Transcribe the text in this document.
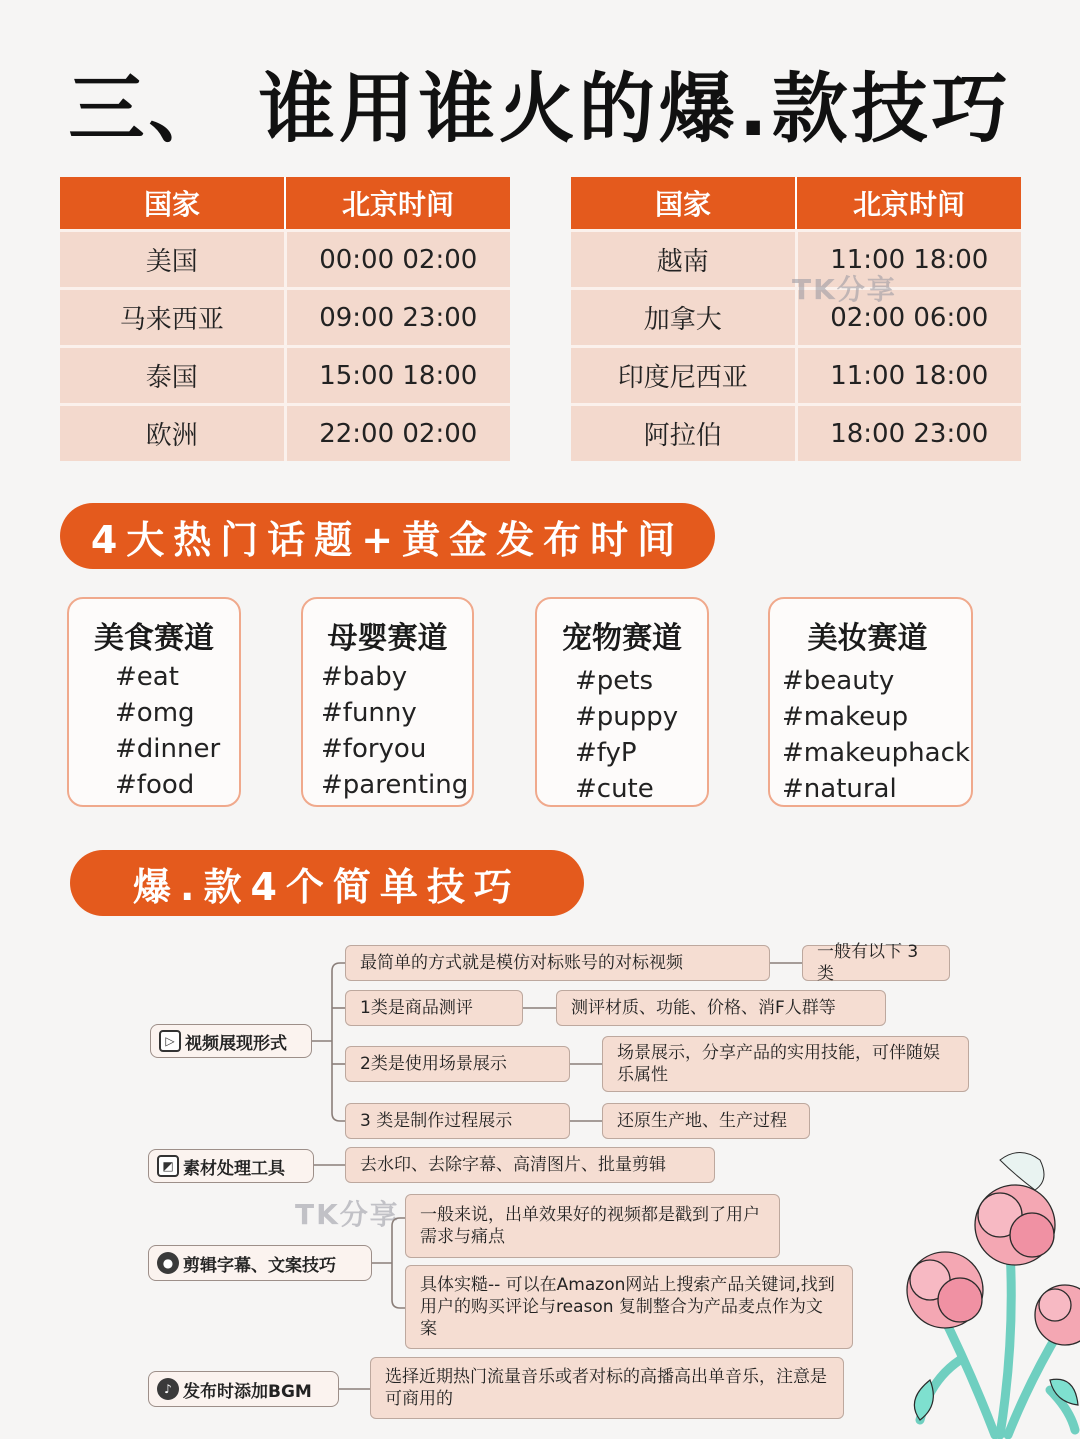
三、 谁用谁火的爆.款技巧
国家	北京时间
美国	00:00 02:00
马来西亚	09:00 23:00
泰国	15:00 18:00
欧洲	22:00 02:00
国家	北京时间
越南	11:00 18:00
加拿大	02:00 06:00
印度尼西亚	11:00 18:00
阿拉伯	18:00 23:00
TK分享
TK分享
4大热门话题+黄金发布时间
美食赛道
#eat
#omg
#dinner
#food
母婴赛道
#baby
#funny
#foryou
#parenting
宠物赛道
#pets
#puppy
#fyP
#cute
美妆赛道
#beauty
#makeup
#makeuphack
#natural
爆.款4个简单技巧
▷ 视频展现形式
◩ 素材处理工具
● 剪辑字幕、文案技巧
♪ 发布时添加BGM
最简单的方式就是模仿对标账号的对标视频
一般有以下 3类
1类是商品测评	测评材质、功能、价格、消F人群等
2类是使用场景展示
场景展示，分享产品的实用技能，可伴随娱乐属性
3 类是制作过程展示	还原生产地、生产过程
去水印、去除字幕、高清图片、批量剪辑
一般来说，出单效果好的视频都是戳到了用户需求与痛点
具体实糙-- 可以在Amazon网站上搜索产品关键词,找到用户的购买评论与reason 复制整合为产品麦点作为文案
选择近期热门流量音乐或者对标的高播高出单音乐，注意是可商用的
